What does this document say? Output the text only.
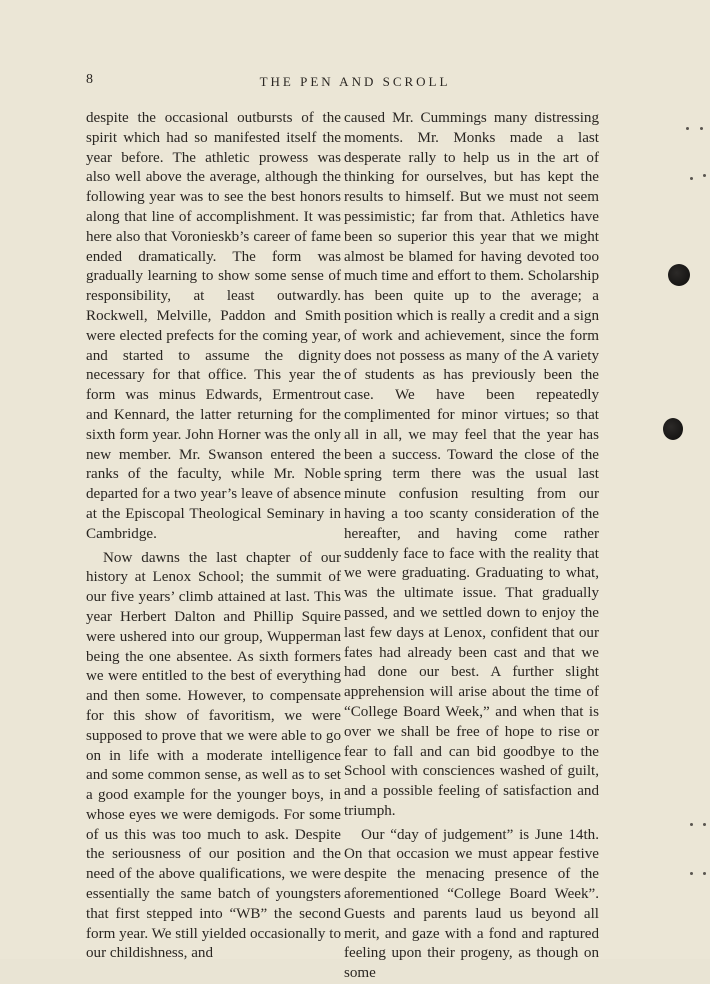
8	THE PEN AND SCROLL

despite the occasional outbursts of the spirit which had so manifested itself the year before. The athletic prowess was also well above the average, although the following year was to see the best honors along that line of accomplishment. It was here also that Voronieskb’s career of fame ended dramatically. The form was gradually learning to show some sense of responsibility, at least outwardly. Rockwell, Melville, Paddon and Smith were elected prefects for the coming year, and started to assume the dignity necessary for that office. This year the form was minus Edwards, Ermentrout and Kennard, the latter returning for the sixth form year. John Horner was the only new member. Mr. Swanson entered the ranks of the faculty, while Mr. Noble departed for a two year’s leave of absence at the Episcopal Theological Seminary in Cambridge.

Now dawns the last chapter of our history at Lenox School; the summit of our five years’ climb attained at last. This year Herbert Dalton and Phillip Squire were ushered into our group, Wupperman being the one absentee. As sixth formers we were entitled to the best of everything and then some. However, to compensate for this show of favoritism, we were supposed to prove that we were able to go on in life with a moderate intelligence and some common sense, as well as to set a good example for the younger boys, in whose eyes we were demigods. For some of us this was too much to ask. Despite the seriousness of our position and the need of the above qualifications, we were essentially the same batch of youngsters that first stepped into “WB” the second form year. We still yielded occasionally to our childishness, and

caused Mr. Cummings many distressing moments. Mr. Monks made a last desperate rally to help us in the art of thinking for ourselves, but has kept the results to himself. But we must not seem pessimistic; far from that. Athletics have been so superior this year that we might almost be blamed for having devoted too much time and effort to them. Scholarship has been quite up to the average; a position which is really a credit and a sign of work and achievement, since the form does not possess as many of the A variety of students as has previously been the case. We have been repeatedly complimented for minor virtues; so that all in all, we may feel that the year has been a success. Toward the close of the spring term there was the usual last minute confusion resulting from our having a too scanty consideration of the hereafter, and having come rather suddenly face to face with the reality that we were graduating. Graduating to what, was the ultimate issue. That gradually passed, and we settled down to enjoy the last few days at Lenox, confident that our fates had already been cast and that we had done our best. A further slight apprehension will arise about the time of “College Board Week,” and when that is over we shall be free of hope to rise or fear to fall and can bid goodbye to the School with consciences washed of guilt, and a possible feeling of satisfaction and triumph.

Our “day of judgement” is June 14th. On that occasion we must appear festive despite the menacing presence of the aforementioned “College Board Week”. Guests and parents laud us beyond all merit, and gaze with a fond and raptured feeling upon their progeny, as though on some
